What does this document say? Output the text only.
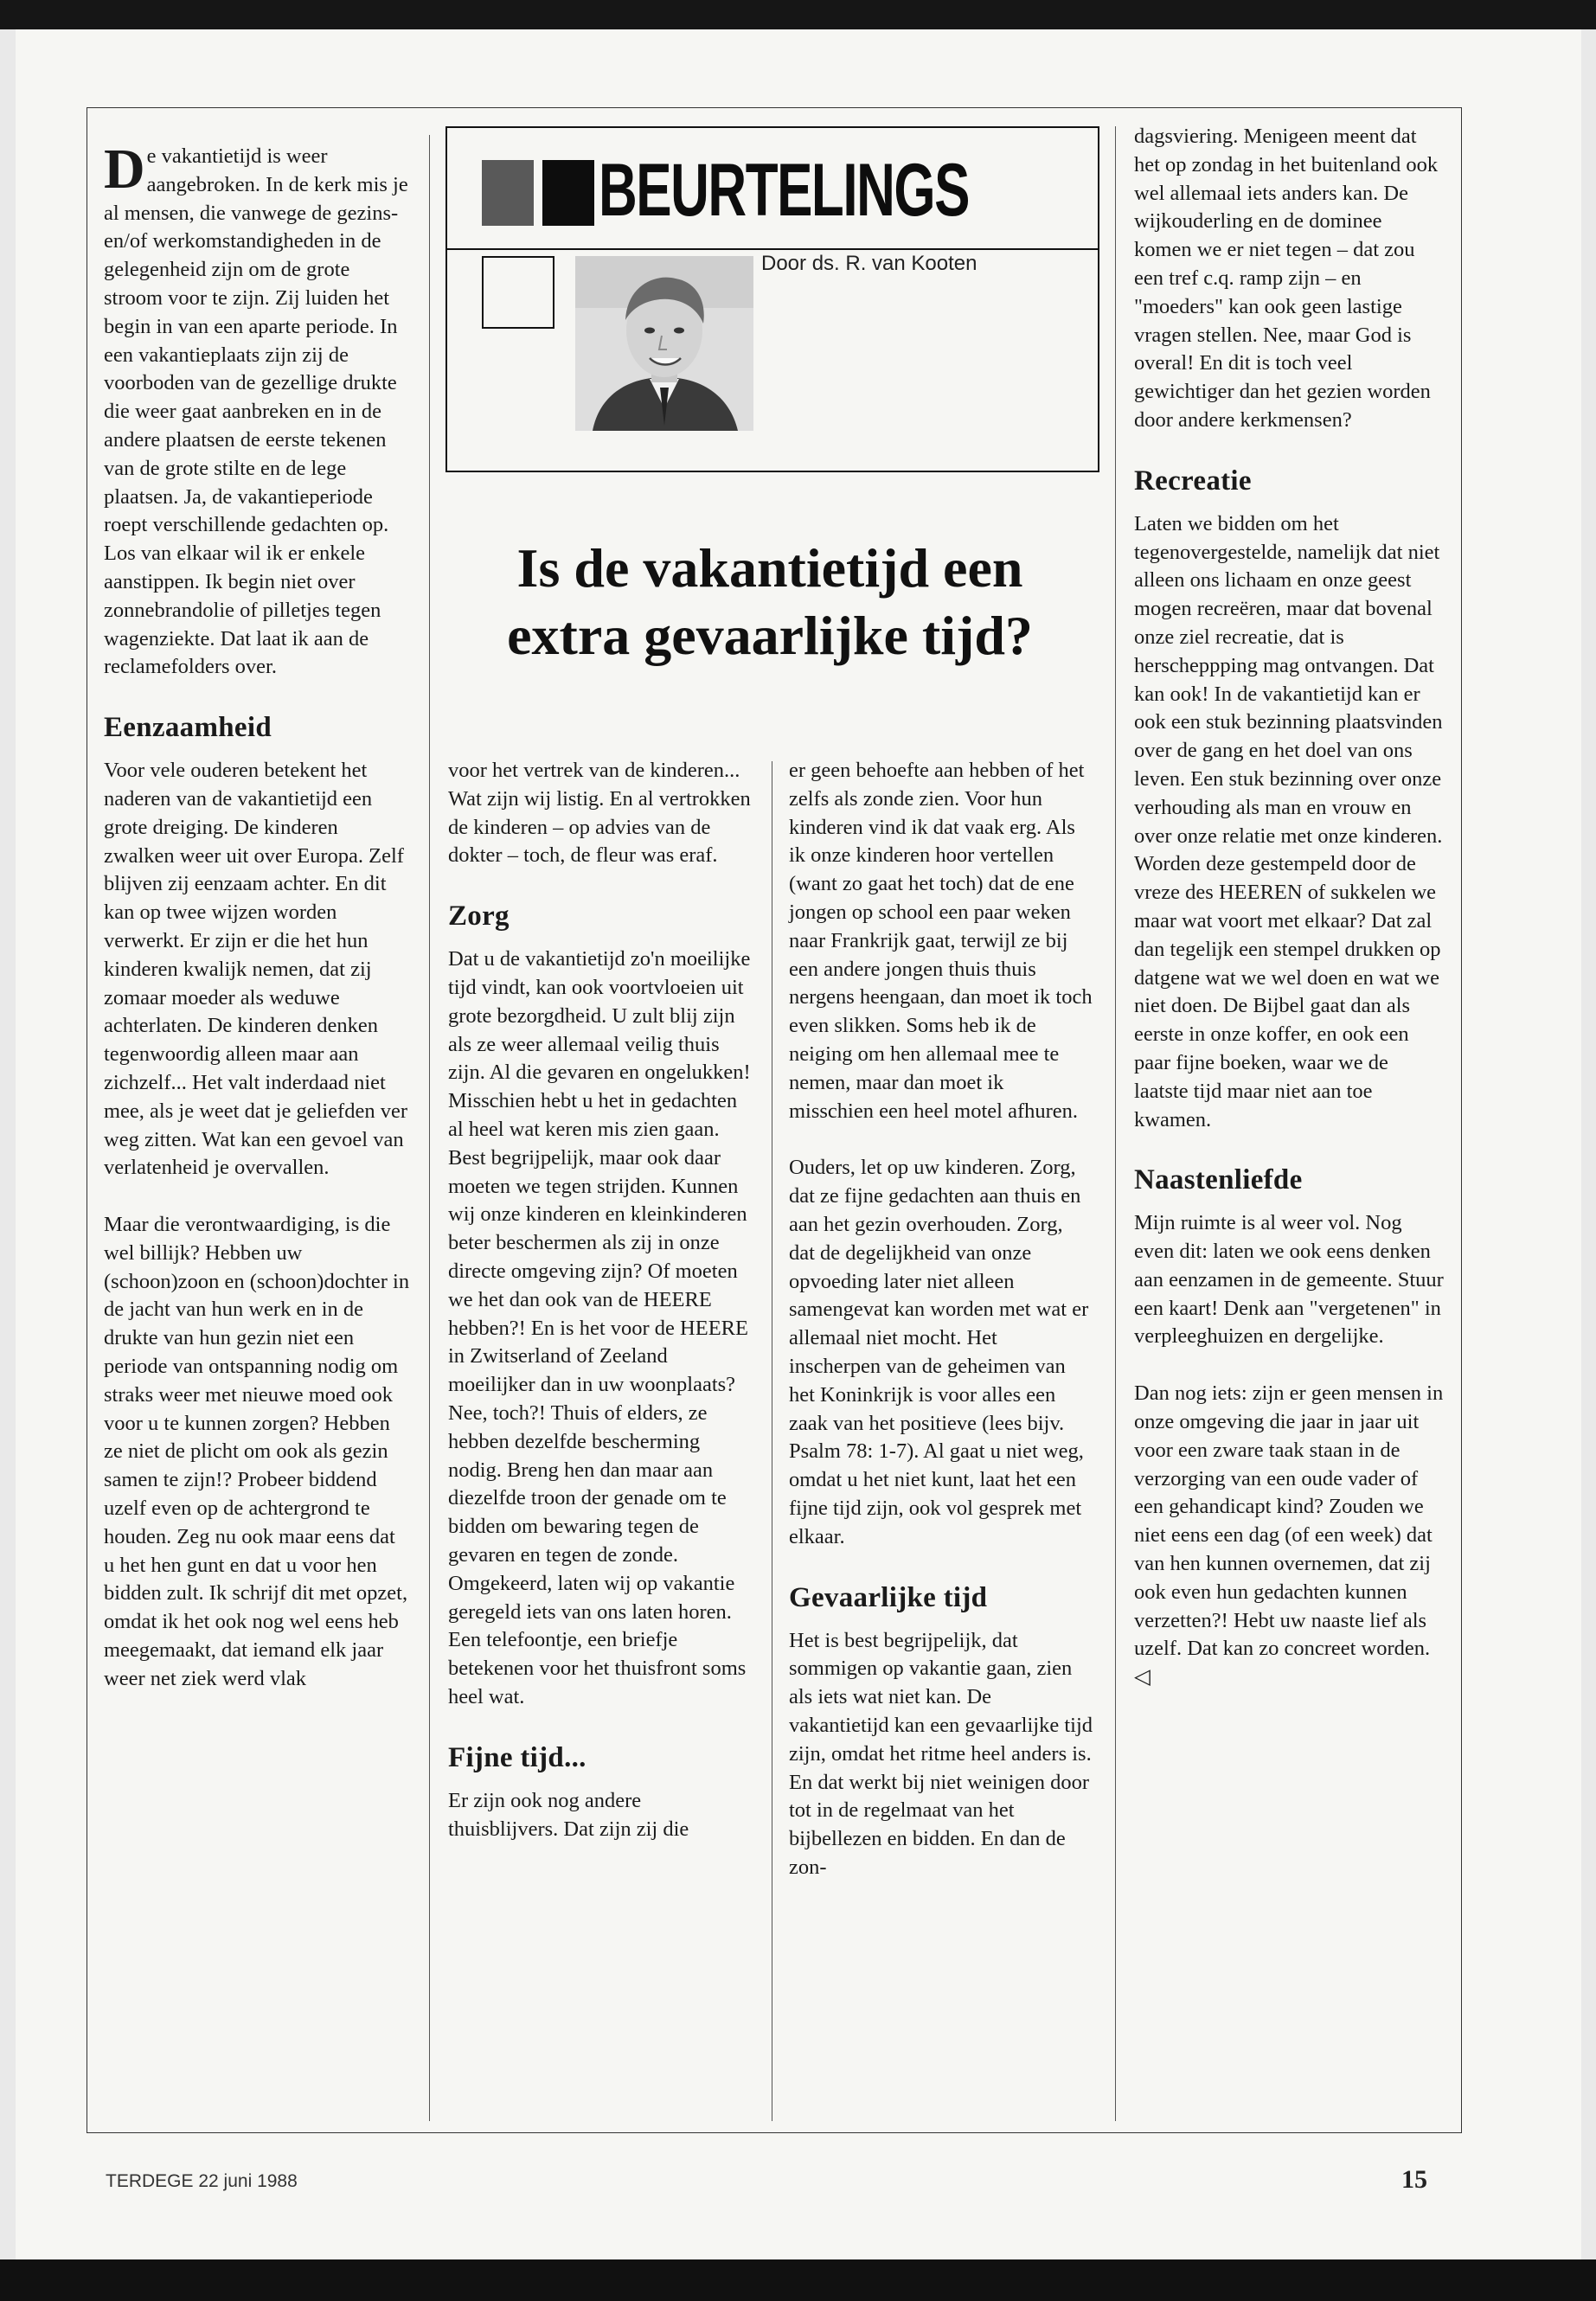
De vakantietijd is weer aangebroken. In de kerk mis je al mensen, die vanwege de gezins- en/of werkomstandigheden in de gelegenheid zijn om de grote stroom voor te zijn. Zij luiden het begin in van een aparte periode. In een vakantieplaats zijn zij de voorboden van de gezellige drukte die weer gaat aanbreken en in de andere plaatsen de eerste tekenen van de grote stilte en de lege plaatsen. Ja, de vakantieperiode roept verschillende gedachten op. Los van elkaar wil ik er enkele aanstippen. Ik begin niet over zonnebrandolie of pilletjes tegen wagenziekte. Dat laat ik aan de reclamefolders over.

Eenzaamheid

Voor vele ouderen betekent het naderen van de vakantietijd een grote dreiging. De kinderen zwalken weer uit over Europa. Zelf blijven zij eenzaam achter. En dit kan op twee wijzen worden verwerkt. Er zijn er die het hun kinderen kwalijk nemen, dat zij zomaar moeder als weduwe achterlaten. De kinderen denken tegenwoordig alleen maar aan zichzelf... Het valt inderdaad niet mee, als je weet dat je geliefden ver weg zitten. Wat kan een gevoel van verlatenheid je overvallen.

Maar die verontwaardiging, is die wel billijk? Hebben uw (schoon)zoon en (schoon)dochter in de jacht van hun werk en in de drukte van hun gezin niet een periode van ontspanning nodig om straks weer met nieuwe moed ook voor u te kunnen zorgen? Hebben ze niet de plicht om ook als gezin samen te zijn!? Probeer biddend uzelf even op de achtergrond te houden. Zeg nu ook maar eens dat u het hen gunt en dat u voor hen bidden zult. Ik schrijf dit met opzet, omdat ik het ook nog wel eens heb meegemaakt, dat iemand elk jaar weer net ziek werd vlak

BEURTELINGS
Door ds. R. van Kooten
Is de vakantietijd een
extra gevaarlijke tijd?

voor het vertrek van de kinderen... Wat zijn wij listig. En al vertrokken de kinderen – op advies van de dokter – toch, de fleur was eraf.

Zorg

Dat u de vakantietijd zo'n moeilijke tijd vindt, kan ook voortvloeien uit grote bezorgdheid. U zult blij zijn als ze weer allemaal veilig thuis zijn. Al die gevaren en ongelukken! Misschien hebt u het in gedachten al heel wat keren mis zien gaan. Best begrijpelijk, maar ook daar moeten we tegen strijden. Kunnen wij onze kinderen en kleinkinderen beter beschermen als zij in onze directe omgeving zijn? Of moeten we het dan ook van de HEERE hebben?! En is het voor de HEERE in Zwitserland of Zeeland moeilijker dan in uw woonplaats? Nee, toch?! Thuis of elders, ze hebben dezelfde bescherming nodig. Breng hen dan maar aan diezelfde troon der genade om te bidden om bewaring tegen de gevaren en tegen de zonde.
Omgekeerd, laten wij op vakantie geregeld iets van ons laten horen. Een telefoontje, een briefje betekenen voor het thuisfront soms heel wat.

Fijne tijd...

Er zijn ook nog andere thuisblijvers. Dat zijn zij die

er geen behoefte aan hebben of het zelfs als zonde zien. Voor hun kinderen vind ik dat vaak erg. Als ik onze kinderen hoor vertellen (want zo gaat het toch) dat de ene jongen op school een paar weken naar Frankrijk gaat, terwijl ze bij een andere jongen thuis thuis nergens heengaan, dan moet ik toch even slikken. Soms heb ik de neiging om hen allemaal mee te nemen, maar dan moet ik misschien een heel motel afhuren.

Ouders, let op uw kinderen. Zorg, dat ze fijne gedachten aan thuis en aan het gezin overhouden. Zorg, dat de degelijkheid van onze opvoeding later niet alleen samengevat kan worden met wat er allemaal niet mocht. Het inscherpen van de geheimen van het Koninkrijk is voor alles een zaak van het positieve (lees bijv. Psalm 78: 1-7). Al gaat u niet weg, omdat u het niet kunt, laat het een fijne tijd zijn, ook vol gesprek met elkaar.

Gevaarlijke tijd

Het is best begrijpelijk, dat sommigen op vakantie gaan, zien als iets wat niet kan. De vakantietijd kan een gevaarlijke tijd zijn, omdat het ritme heel anders is. En dat werkt bij niet weinigen door tot in de regelmaat van het bijbellezen en bidden. En dan de zon-

dagsviering. Menigeen meent dat het op zondag in het buitenland ook wel allemaal iets anders kan. De wijkouderling en de dominee komen we er niet tegen – dat zou een tref c.q. ramp zijn – en "moeders" kan ook geen lastige vragen stellen. Nee, maar God is overal! En dit is toch veel gewichtiger dan het gezien worden door andere kerkmensen?

Recreatie

Laten we bidden om het tegenovergestelde, namelijk dat niet alleen ons lichaam en onze geest mogen recreëren, maar dat bovenal onze ziel recreatie, dat is herscheppping mag ontvangen. Dat kan ook! In de vakantietijd kan er ook een stuk bezinning plaatsvinden over de gang en het doel van ons leven. Een stuk bezinning over onze verhouding als man en vrouw en over onze relatie met onze kinderen. Worden deze gestempeld door de vreze des HEEREN of sukkelen we maar wat voort met elkaar? Dat zal dan tegelijk een stempel drukken op datgene wat we wel doen en wat we niet doen. De Bijbel gaat dan als eerste in onze koffer, en ook een paar fijne boeken, waar we de laatste tijd maar niet aan toe kwamen.

Naastenliefde

Mijn ruimte is al weer vol. Nog even dit: laten we ook eens denken aan eenzamen in de gemeente. Stuur een kaart! Denk aan "vergetenen" in verpleeghuizen en dergelijke.

Dan nog iets: zijn er geen mensen in onze omgeving die jaar in jaar uit voor een zware taak staan in de verzorging van een oude vader of een gehandicapt kind? Zouden we niet eens een dag (of een week) dat van hen kunnen overnemen, dat zij ook even hun gedachten kunnen verzetten?! Hebt uw naaste lief als uzelf. Dat kan zo concreet worden. ◁

TERDEGE 22 juni 1988	15
